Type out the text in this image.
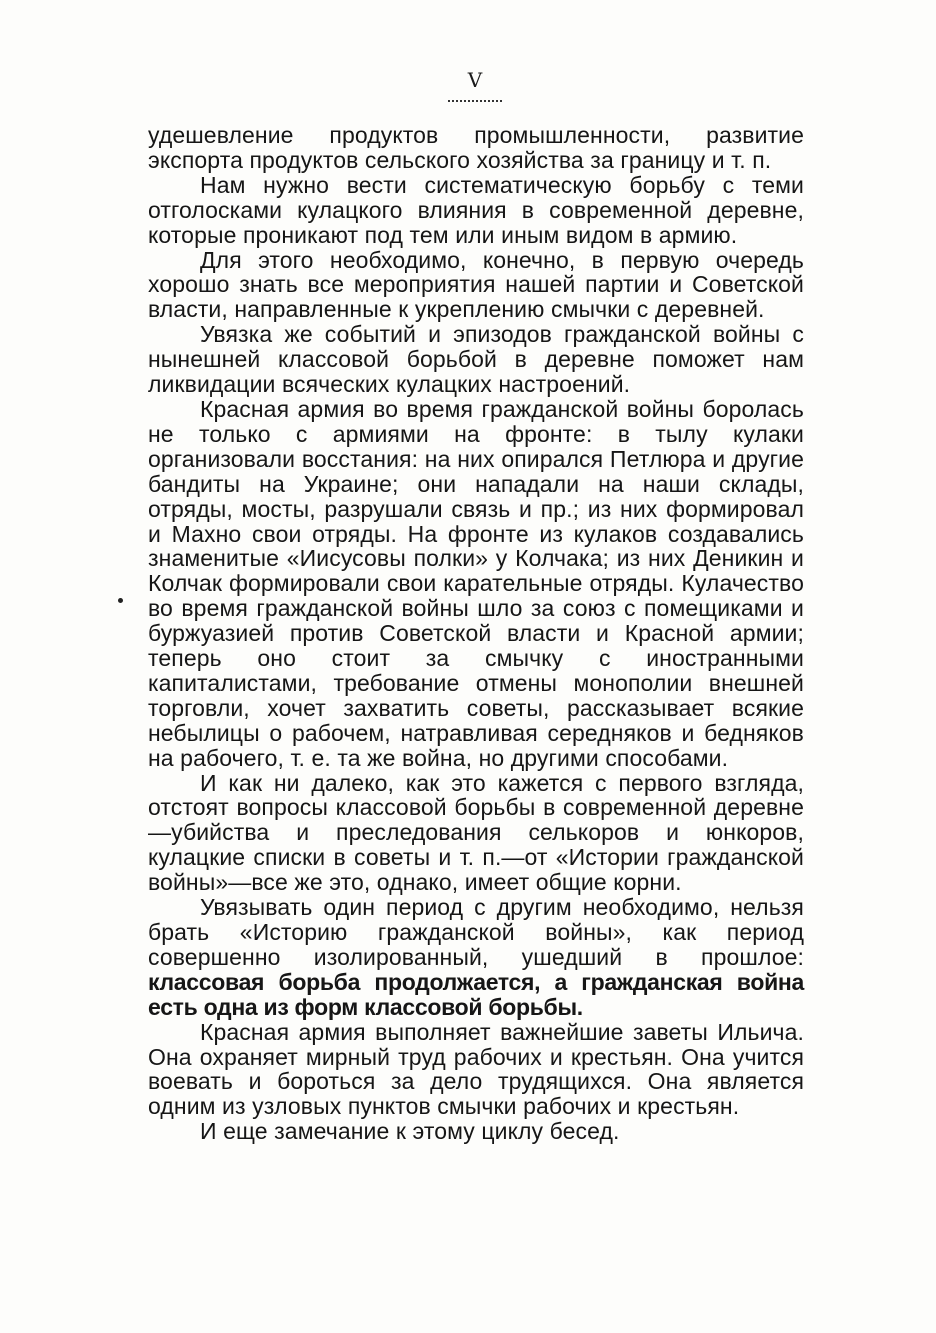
V

удешевление продуктов промышленности, развитие экспорта продуктов сельского хозяйства за границу и т. п.

Нам нужно вести систематическую борьбу с теми отголосками кулацкого влияния в современной деревне, которые проникают под тем или иным видом в армию.

Для этого необходимо, конечно, в первую очередь хорошо знать все мероприятия нашей партии и Советской власти, направленные к укреплению смычки с деревней.

Увязка же событий и эпизодов гражданской войны с нынешней классовой борьбой в деревне поможет нам ликвидации всяческих кулацких настроений.

Красная армия во время гражданской войны боролась не только с армиями на фронте: в тылу кулаки организовали восстания: на них опирался Петлюра и другие бандиты на Украине; они нападали на наши склады, отряды, мосты, разрушали связь и пр.; из них формировал и Махно свои отряды. На фронте из кулаков создавались знаменитые «Иисусовы полки» у Колчака; из них Деникин и Колчак формировали свои карательные отряды. Кулачество во время гражданской войны шло за союз с помещиками и буржуазией против Советской власти и Красной армии; теперь оно стоит за смычку с иностранными капиталистами, требование отмены монополии внешней торговли, хочет захватить советы, рассказывает всякие небылицы о рабочем, натравливая середняков и бедняков на рабочего, т. е. та же война, но другими способами.

И как ни далеко, как это кажется с первого взгляда, отстоят вопросы классовой борьбы в современной деревне—убийства и преследования селькоров и юнкоров, кулацкие списки в советы и т. п.—от «Истории гражданской войны»—все же это, однако, имеет общие корни.

Увязывать один период с другим необходимо, нельзя брать «Историю гражданской войны», как период совершенно изолированный, ушедший в прошлое: классовая борьба продолжается, а гражданская война есть одна из форм классовой борьбы.

Красная армия выполняет важнейшие заветы Ильича. Она охраняет мирный труд рабочих и крестьян. Она учится воевать и бороться за дело трудящихся. Она является одним из узловых пунктов смычки рабочих и крестьян.

И еще замечание к этому циклу бесед.
